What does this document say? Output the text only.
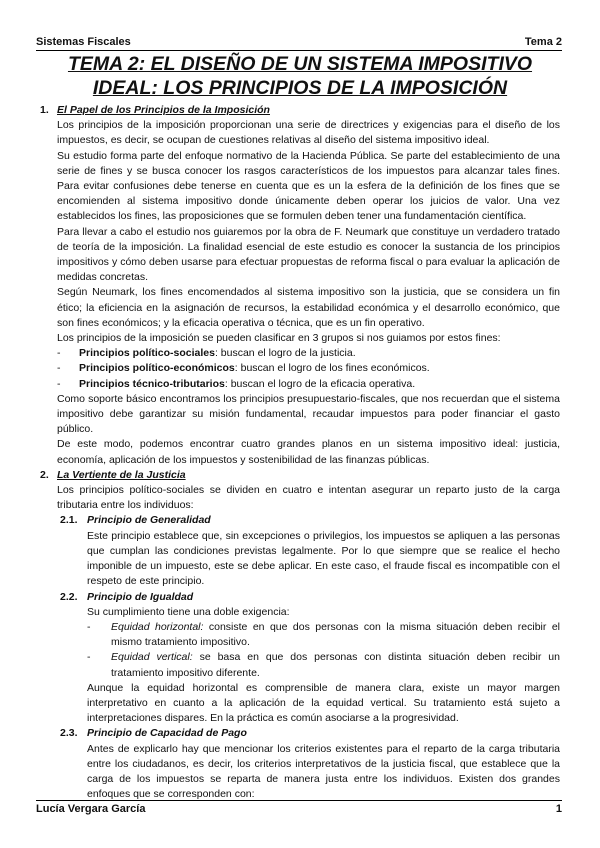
Sistemas Fiscales	Tema 2
TEMA 2: EL DISEÑO DE UN SISTEMA IMPOSITIVO IDEAL: LOS PRINCIPIOS DE LA IMPOSICIÓN
1. El Papel de los Principios de la Imposición
Los principios de la imposición proporcionan una serie de directrices y exigencias para el diseño de los impuestos, es decir, se ocupan de cuestiones relativas al diseño del sistema impositivo ideal.
Su estudio forma parte del enfoque normativo de la Hacienda Pública. Se parte del establecimiento de una serie de fines y se busca conocer los rasgos característicos de los impuestos para alcanzar tales fines. Para evitar confusiones debe tenerse en cuenta que es un la esfera de la definición de los fines que se encomienden al sistema impositivo donde únicamente deben operar los juicios de valor. Una vez establecidos los fines, las proposiciones que se formulen deben tener una fundamentación científica.
Para llevar a cabo el estudio nos guiaremos por la obra de F. Neumark que constituye un verdadero tratado de teoría de la imposición. La finalidad esencial de este estudio es conocer la sustancia de los principios impositivos y cómo deben usarse para efectuar propuestas de reforma fiscal o para evaluar la aplicación de medidas concretas.
Según Neumark, los fines encomendados al sistema impositivo son la justicia, que se considera un fin ético; la eficiencia en la asignación de recursos, la estabilidad económica y el desarrollo económico, que son fines económicos; y la eficacia operativa o técnica, que es un fin operativo.
Los principios de la imposición se pueden clasificar en 3 grupos si nos guiamos por estos fines:
-	Principios político-sociales: buscan el logro de la justicia.
-	Principios político-económicos: buscan el logro de los fines económicos.
-	Principios técnico-tributarios: buscan el logro de la eficacia operativa.
Como soporte básico encontramos los principios presupuestario-fiscales, que nos recuerdan que el sistema impositivo debe garantizar su misión fundamental, recaudar impuestos para poder financiar el gasto público.
De este modo, podemos encontrar cuatro grandes planos en un sistema impositivo ideal: justicia, economía, aplicación de los impuestos y sostenibilidad de las finanzas públicas.
2. La Vertiente de la Justicia
Los principios político-sociales se dividen en cuatro e intentan asegurar un reparto justo de la carga tributaria entre los individuos:
2.1. Principio de Generalidad
Este principio establece que, sin excepciones o privilegios, los impuestos se apliquen a las personas que cumplan las condiciones previstas legalmente. Por lo que siempre que se realice el hecho imponible de un impuesto, este se debe aplicar. En este caso, el fraude fiscal es incompatible con el respeto de este principio.
2.2. Principio de Igualdad
Su cumplimiento tiene una doble exigencia:
-	Equidad horizontal: consiste en que dos personas con la misma situación deben recibir el mismo tratamiento impositivo.
-	Equidad vertical: se basa en que dos personas con distinta situación deben recibir un tratamiento impositivo diferente.
Aunque la equidad horizontal es comprensible de manera clara, existe un mayor margen interpretativo en cuanto a la aplicación de la equidad vertical. Su tratamiento está sujeto a interpretaciones dispares. En la práctica es común asociarse a la progresividad.
2.3. Principio de Capacidad de Pago
Antes de explicarlo hay que mencionar los criterios existentes para el reparto de la carga tributaria entre los ciudadanos, es decir, los criterios interpretativos de la justicia fiscal, que establece que la carga de los impuestos se reparta de manera justa entre los individuos. Existen dos grandes enfoques que se corresponden con:
Lucía Vergara García	1
